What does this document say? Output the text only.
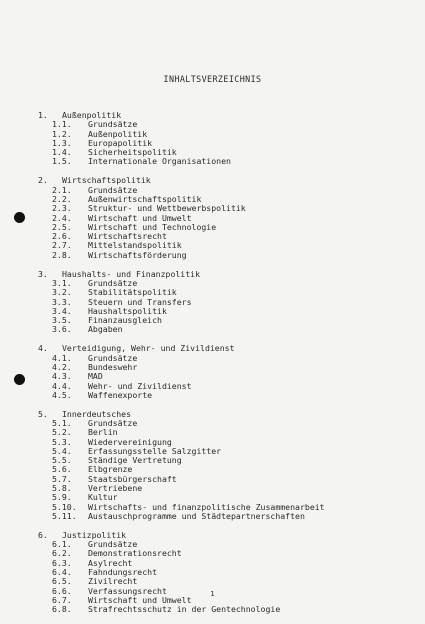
INHALTSVERZEICHNIS
1. Außenpolitik
1.1. Grundsätze
1.2. Außenpolitik
1.3. Europapolitik
1.4. Sicherheitspolitik
1.5. Internationale Organisationen
2. Wirtschaftspolitik
2.1. Grundsätze
2.2. Außenwirtschaftspolitik
2.3. Struktur- und Wettbewerbspolitik
2.4. Wirtschaft und Umwelt
2.5. Wirtschaft und Technologie
2.6. Wirtschaftsrecht
2.7. Mittelstandspolitik
2.8. Wirtschaftsförderung
3. Haushalts- und Finanzpolitik
3.1. Grundsätze
3.2. Stabilitätspolitik
3.3. Steuern und Transfers
3.4. Haushaltspolitik
3.5. Finanzausgleich
3.6. Abgaben
4. Verteidigung, Wehr- und Zivildienst
4.1. Grundsätze
4.2. Bundeswehr
4.3. MAD
4.4. Wehr- und Zivildienst
4.5. Waffenexporte
5. Innerdeutsches
5.1. Grundsätze
5.2. Berlin
5.3. Wiedervereinigung
5.4. Erfassungsstelle Salzgitter
5.5. Ständige Vertretung
5.6. Elbgrenze
5.7. Staatsbürgerschaft
5.8. Vertriebene
5.9. Kultur
5.10. Wirtschafts- und finanzpolitische Zusammenarbeit
5.11. Austauschprogramme und Städtepartnerschaften
6. Justizpolitik
6.1. Grundsätze
6.2. Demonstrationsrecht
6.3. Asylrecht
6.4. Fahndungsrecht
6.5. Zivilrecht
6.6. Verfassungsrecht
6.7. Wirtschaft und Umwelt
6.8. Strafrechtsschutz in der Gentechnologie
1
